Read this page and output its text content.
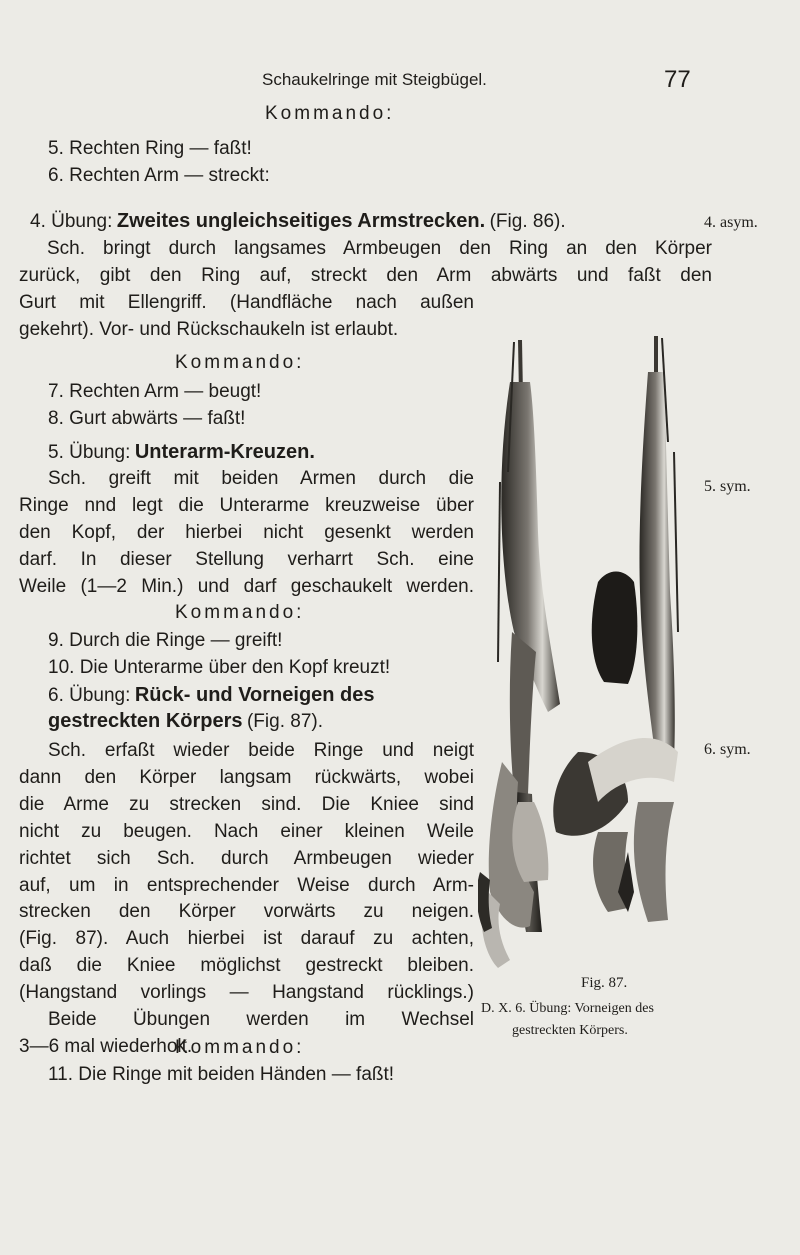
Schaukelringe mit Steigbügel.	77
Kommando:
5. Rechten Ring — faßt!
6. Rechten Arm — streckt:
4. Übung: Zweites ungleichseitiges Armstrecken. (Fig. 86).	4. asym.
Sch. bringt durch langsames Armbeugen den Ring an den Körper
zurück, gibt den Ring auf, streckt den Arm abwärts und faßt den
Gurt mit Ellengriff. (Handfläche nach außen
gekehrt). Vor- und Rückschaukeln ist erlaubt.
Kommando:
7. Rechten Arm — beugt!
8. Gurt abwärts — faßt!
5. Übung: Unterarm-Kreuzen.
5. sym.
Sch. greift mit beiden Armen durch die
Ringe nnd legt die Unterarme kreuzweise über
den Kopf, der hierbei nicht gesenkt werden
darf. In dieser Stellung verharrt Sch. eine
Weile (1—2 Min.) und darf geschaukelt werden.
Kommando:
9. Durch die Ringe — greift!
10. Die Unterarme über den Kopf kreuzt!
6. Übung: Rück- und Vorneigen des
gestreckten Körpers (Fig. 87).
6. sym.
Sch. erfaßt wieder beide Ringe und neigt
dann den Körper langsam rückwärts, wobei
die Arme zu strecken sind. Die Kniee sind
nicht zu beugen. Nach einer kleinen Weile
richtet sich Sch. durch Armbeugen wieder
auf, um in entsprechender Weise durch Arm-
strecken den Körper vorwärts zu neigen.
(Fig. 87). Auch hierbei ist darauf zu achten,
daß die Kniee möglichst gestreckt bleiben.
(Hangstand vorlings — Hangstand rücklings.)
Beide Übungen werden im Wechsel
3—6 mal wiederholt.
Kommando:
11. Die Ringe mit beiden Händen — faßt!
Fig. 87.
D. X. 6. Übung: Vorneigen des
gestreckten Körpers.
